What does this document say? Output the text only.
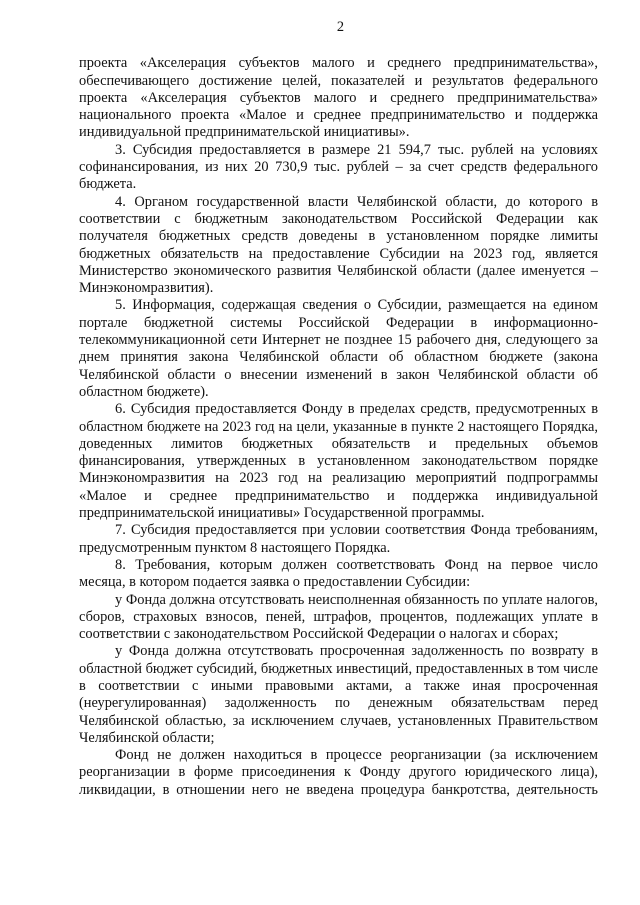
2

проекта «Акселерация субъектов малого и среднего предпринимательства», обеспечивающего достижение целей, показателей и результатов федерального проекта «Акселерация субъектов малого и среднего предпринимательства» национального проекта «Малое и среднее предпринимательство и поддержка индивидуальной предпринимательской инициативы».

3. Субсидия предоставляется в размере 21 594,7 тыс. рублей на условиях софинансирования, из них 20 730,9 тыс. рублей – за счет средств федерального бюджета.

4. Органом государственной власти Челябинской области, до которого в соответствии с бюджетным законодательством Российской Федерации как получателя бюджетных средств доведены в установленном порядке лимиты бюджетных обязательств на предоставление Субсидии на 2023 год, является Министерство экономического развития Челябинской области (далее именуется – Минэкономразвития).

5. Информация, содержащая сведения о Субсидии, размещается на едином портале бюджетной системы Российской Федерации в информационно-телекоммуникационной сети Интернет не позднее 15 рабочего дня, следующего за днем принятия закона Челябинской области об областном бюджете (закона Челябинской области о внесении изменений в закон Челябинской области об областном бюджете).

6. Субсидия предоставляется Фонду в пределах средств, предусмотренных в областном бюджете на 2023 год на цели, указанные в пункте 2 настоящего Порядка, доведенных лимитов бюджетных обязательств и предельных объемов финансирования, утвержденных в установленном законодательством порядке Минэкономразвития на 2023 год на реализацию мероприятий подпрограммы «Малое и среднее предпринимательство и поддержка индивидуальной предпринимательской инициативы» Государственной программы.

7. Субсидия предоставляется при условии соответствия Фонда требованиям, предусмотренным пунктом 8 настоящего Порядка.

8. Требования, которым должен соответствовать Фонд на первое число месяца, в котором подается заявка о предоставлении Субсидии:

у Фонда должна отсутствовать неисполненная обязанность по уплате налогов, сборов, страховых взносов, пеней, штрафов, процентов, подлежащих уплате в соответствии с законодательством Российской Федерации о налогах и сборах;

у Фонда должна отсутствовать просроченная задолженность по возврату в областной бюджет субсидий, бюджетных инвестиций, предоставленных в том числе в соответствии с иными правовыми актами, а также иная просроченная (неурегулированная) задолженность по денежным обязательствам перед Челябинской областью, за исключением случаев, установленных Правительством Челябинской области;

Фонд не должен находиться в процессе реорганизации (за исключением реорганизации в форме присоединения к Фонду другого юридического лица), ликвидации, в отношении него не введена процедура банкротства, деятельность
